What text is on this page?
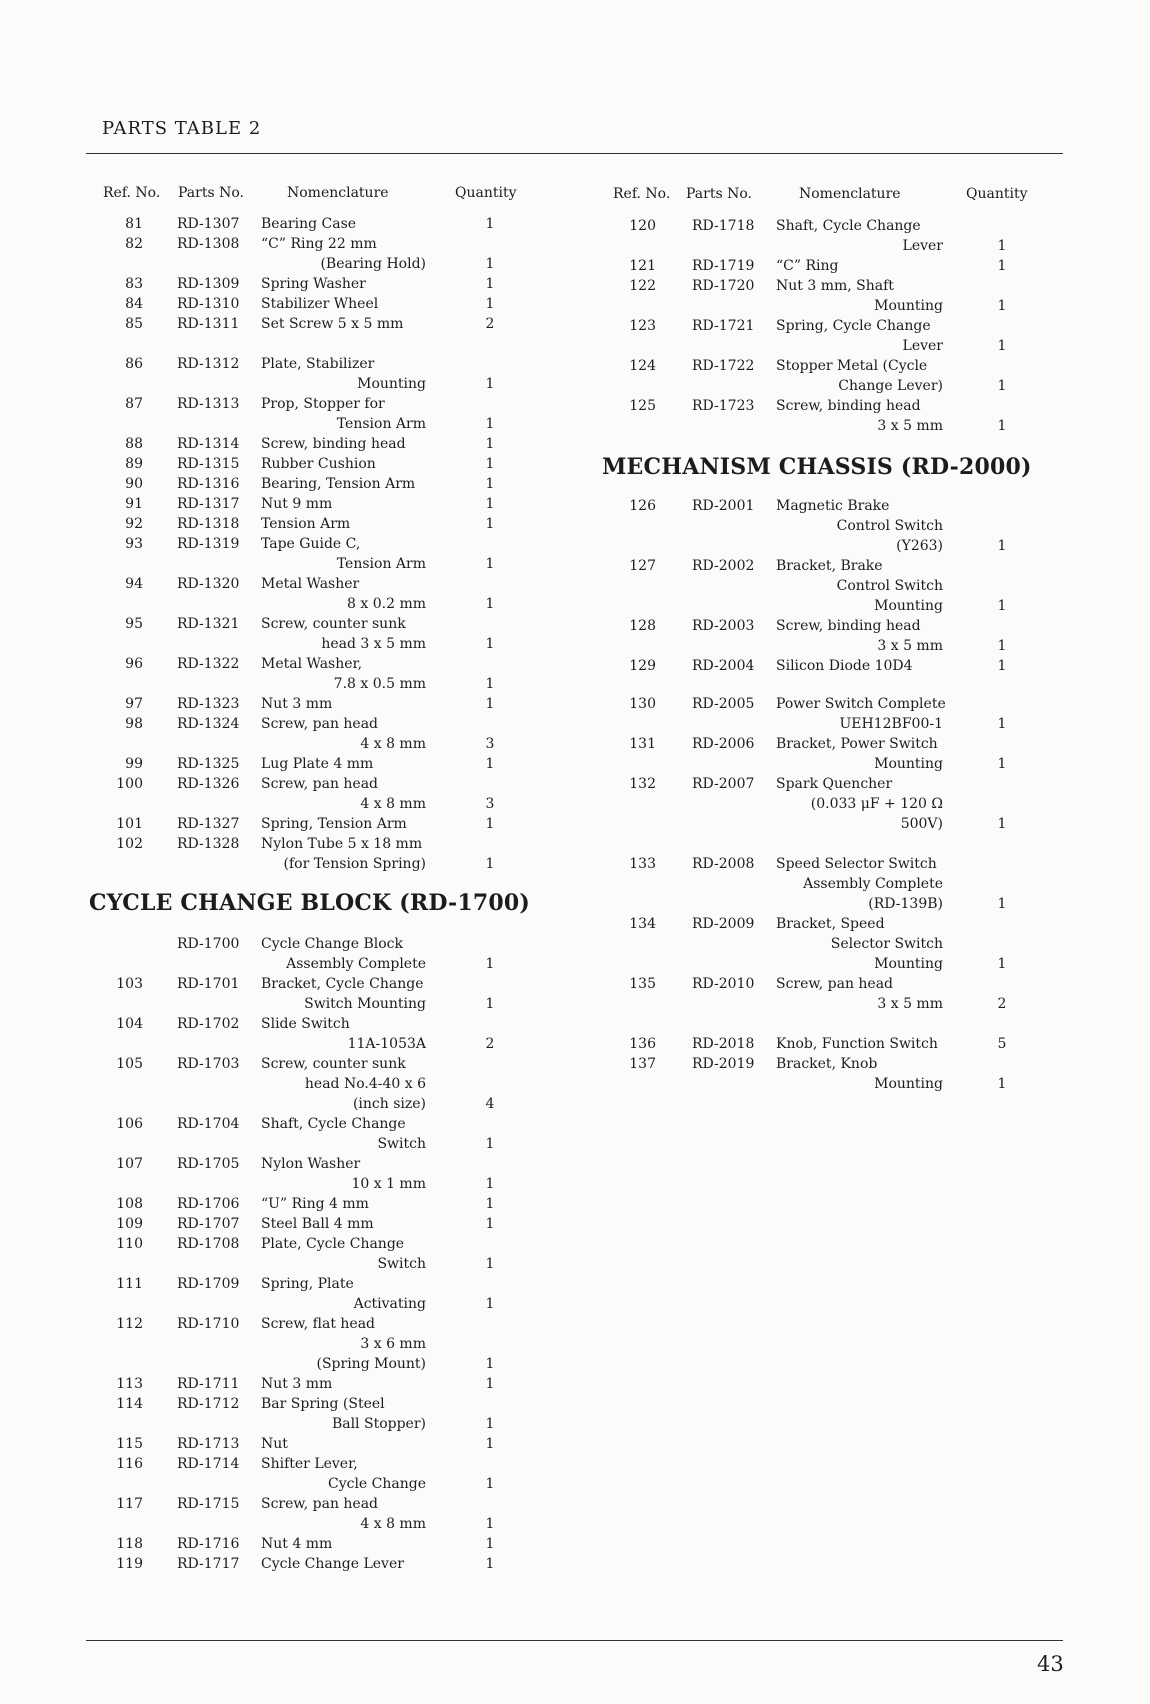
PARTS TABLE 2
Ref. No. Parts No.	Nomenclature	Quantity	Ref. No. Parts No.	Nomenclature	Quantity
CYCLE CHANGE BLOCK (RD-1700)
MECHANISM CHASSIS (RD-2000)
81 RD-1307 Bearing Case	1
82 RD-1308 “C” Ring 22 mm
(Bearing Hold)	1
83 RD-1309 Spring Washer	1
84 RD-1310 Stabilizer Wheel	1
85 RD-1311 Set Screw 5 x 5 mm	2
86 RD-1312 Plate, Stabilizer
Mounting	1
87 RD-1313 Prop, Stopper for
Tension Arm	1
88 RD-1314 Screw, binding head	1
89 RD-1315 Rubber Cushion	1
90 RD-1316 Bearing, Tension Arm	1
91 RD-1317 Nut 9 mm	1
92 RD-1318 Tension Arm	1
93 RD-1319 Tape Guide C,
Tension Arm	1
94 RD-1320 Metal Washer
8 x 0.2 mm	1
95 RD-1321 Screw, counter sunk
head 3 x 5 mm	1
96 RD-1322 Metal Washer,
7.8 x 0.5 mm	1
97 RD-1323 Nut 3 mm	1
98 RD-1324 Screw, pan head
4 x 8 mm	3
99 RD-1325 Lug Plate 4 mm	1
100 RD-1326 Screw, pan head
4 x 8 mm	3
101 RD-1327 Spring, Tension Arm	1
102 RD-1328 Nylon Tube 5 x 18 mm
(for Tension Spring)	1
RD-1700 Cycle Change Block
Assembly Complete	1
103 RD-1701 Bracket, Cycle Change
Switch Mounting	1
104 RD-1702 Slide Switch
11A-1053A	2
105 RD-1703 Screw, counter sunk
head No.4-40 x 6
(inch size)	4
106 RD-1704 Shaft, Cycle Change
Switch	1
107 RD-1705 Nylon Washer
10 x 1 mm	1
108 RD-1706 “U” Ring 4 mm	1
109 RD-1707 Steel Ball 4 mm	1
110 RD-1708 Plate, Cycle Change
Switch	1
111 RD-1709 Spring, Plate
Activating	1
112 RD-1710 Screw, flat head
3 x 6 mm
(Spring Mount)	1
113 RD-1711 Nut 3 mm	1
114 RD-1712 Bar Spring (Steel
Ball Stopper)	1
115 RD-1713 Nut	1
116 RD-1714 Shifter Lever,
Cycle Change	1
117 RD-1715 Screw, pan head
4 x 8 mm	1
118 RD-1716 Nut 4 mm	1
119 RD-1717 Cycle Change Lever	1
120	RD-1718 Shaft, Cycle Change
Lever	1
121	RD-1719 “C” Ring	1
122	RD-1720 Nut 3 mm, Shaft
Mounting	1
123	RD-1721 Spring, Cycle Change
Lever	1
124	RD-1722 Stopper Metal (Cycle
Change Lever)	1
125	RD-1723 Screw, binding head
3 x 5 mm	1
126	RD-2001 Magnetic Brake
Control Switch
(Y263)	1
127	RD-2002 Bracket, Brake
Control Switch
Mounting	1
128	RD-2003 Screw, binding head
3 x 5 mm	1
129	RD-2004 Silicon Diode 10D4	1
130	RD-2005 Power Switch Complete
UEH12BF00-1	1
131	RD-2006 Bracket, Power Switch
Mounting	1
132	RD-2007 Spark Quencher
(0.033 μF + 120 Ω
500V)	1
133	RD-2008 Speed Selector Switch
Assembly Complete
(RD-139B)	1
134	RD-2009 Bracket, Speed
Selector Switch
Mounting	1
135	RD-2010 Screw, pan head
3 x 5 mm	2
136	RD-2018 Knob, Function Switch	5
137	RD-2019 Bracket, Knob
Mounting	1
43
